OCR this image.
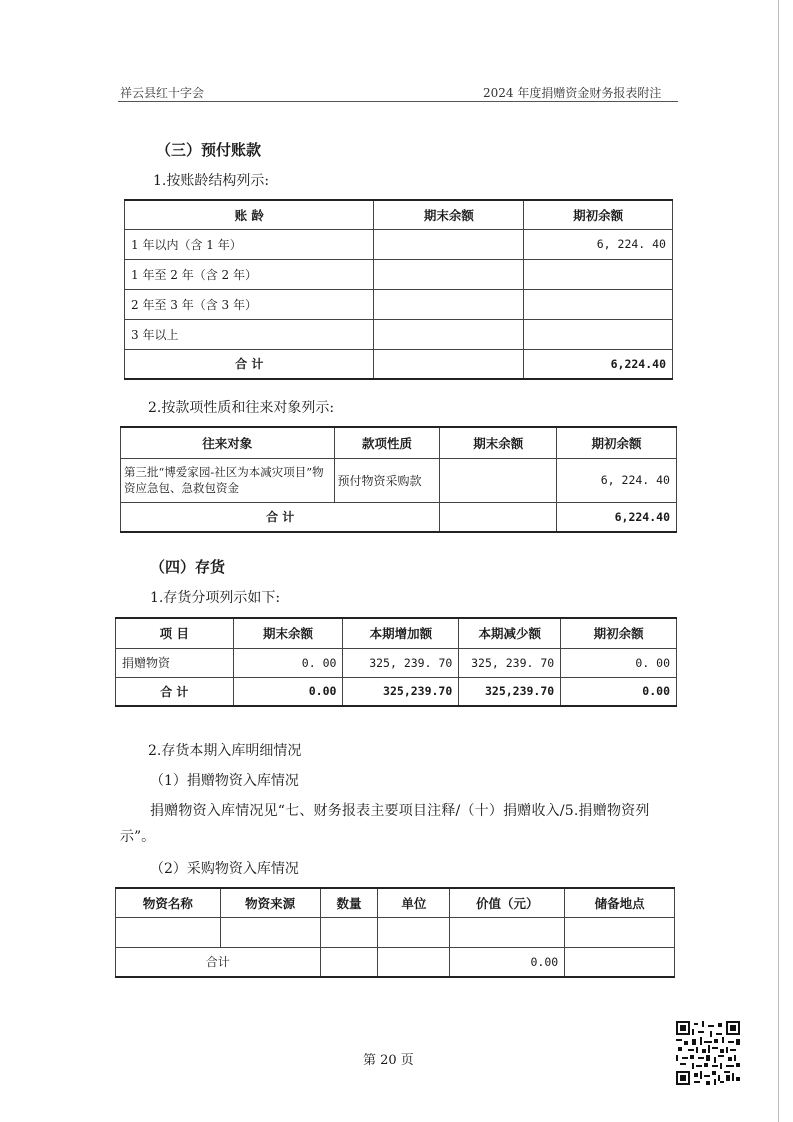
祥云县红十字会	2024 年度捐赠资金财务报表附注
（三）预付账款
1.按账龄结构列示:
账 龄	期末余额	期初余额
1 年以内（含 1 年）		6, 224. 40
1 年至 2 年（含 2 年）		
2 年至 3 年（含 3 年）		
3 年以上		
合 计		6,224.40
2.按款项性质和往来对象列示:
往来对象	款项性质	期末余额	期初余额
第三批“博爱家园-社区为本减灾项目”物资应急包、急救包资金	预付物资采购款		6, 224. 40
合 计			6,224.40
（四）存货
1.存货分项列示如下:
项 目	期末余额	本期增加额	本期减少额	期初余额
捐赠物资	0. 00	325, 239. 70	325, 239. 70	0. 00
合 计	0.00	325,239.70	325,239.70	0.00
2.存货本期入库明细情况
（1）捐赠物资入库情况
捐赠物资入库情况见“七、财务报表主要项目注释/（十）捐赠收入/5.捐赠物资列
示”。
（2）采购物资入库情况
物资名称	物资来源	数量	单位	价值（元）	储备地点

合计				0.00	
第 20 页
